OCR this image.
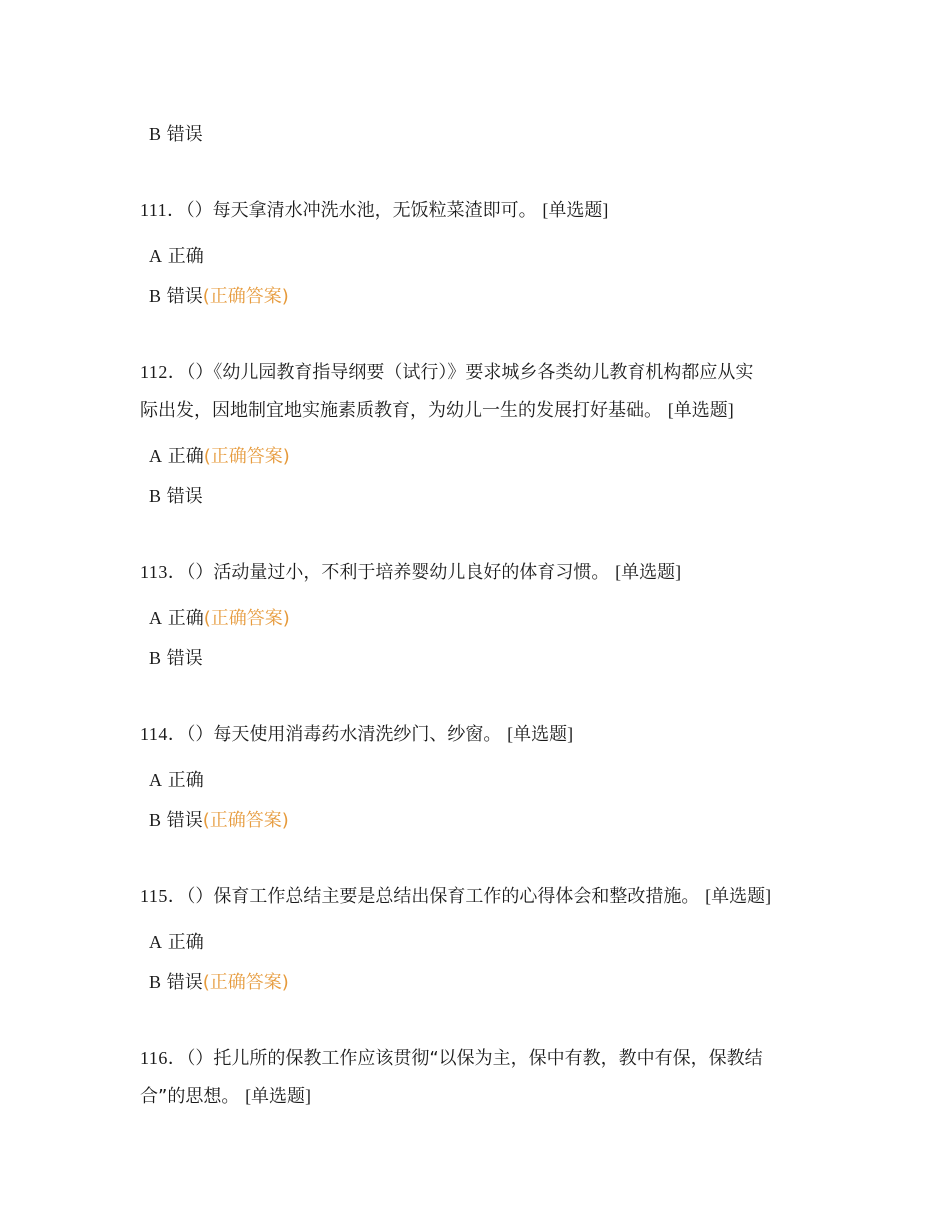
B 错误
111．（）每天拿清水冲洗水池，无饭粒菜渣即可。 [单选题]
A 正确
B 错误(正确答案)
112．（）《幼儿园教育指导纲要（试行）》要求城乡各类幼儿教育机构都应从实
际出发，因地制宜地实施素质教育，为幼儿一生的发展打好基础。 [单选题]
A 正确(正确答案)
B 错误
113．（）活动量过小，不利于培养婴幼儿良好的体育习惯。 [单选题]
A 正确(正确答案)
B 错误
114．（）每天使用消毒药水清洗纱门、纱窗。 [单选题]
A 正确
B 错误(正确答案)
115．（）保育工作总结主要是总结出保育工作的心得体会和整改措施。 [单选题]
A 正确
B 错误(正确答案)
116．（）托儿所的保教工作应该贯彻“以保为主，保中有教，教中有保，保教结
合”的思想。 [单选题]
